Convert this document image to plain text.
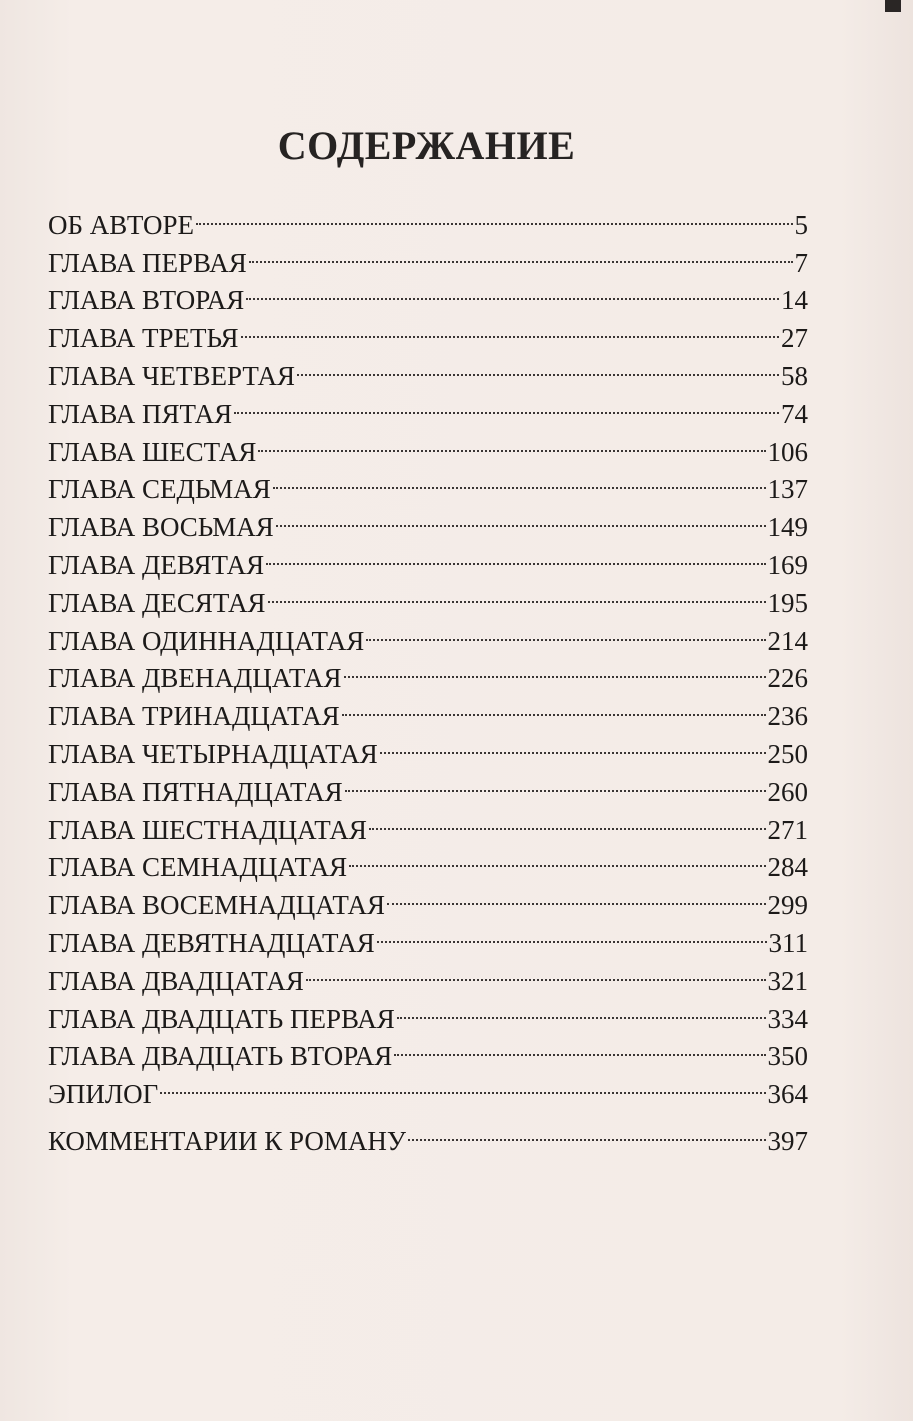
СОДЕРЖАНИЕ
ОБ АВТОРЕ	5
ГЛАВА ПЕРВАЯ	7
ГЛАВА ВТОРАЯ	14
ГЛАВА ТРЕТЬЯ	27
ГЛАВА ЧЕТВЕРТАЯ	58
ГЛАВА ПЯТАЯ	74
ГЛАВА ШЕСТАЯ	106
ГЛАВА СЕДЬМАЯ	137
ГЛАВА ВОСЬМАЯ	149
ГЛАВА ДЕВЯТАЯ	169
ГЛАВА ДЕСЯТАЯ	195
ГЛАВА ОДИННАДЦАТАЯ	214
ГЛАВА ДВЕНАДЦАТАЯ	226
ГЛАВА ТРИНАДЦАТАЯ	236
ГЛАВА ЧЕТЫРНАДЦАТАЯ	250
ГЛАВА ПЯТНАДЦАТАЯ	260
ГЛАВА ШЕСТНАДЦАТАЯ	271
ГЛАВА СЕМНАДЦАТАЯ	284
ГЛАВА ВОСЕМНАДЦАТАЯ	299
ГЛАВА ДЕВЯТНАДЦАТАЯ	311
ГЛАВА ДВАДЦАТАЯ	321
ГЛАВА ДВАДЦАТЬ ПЕРВАЯ	334
ГЛАВА ДВАДЦАТЬ ВТОРАЯ	350
ЭПИЛОГ	364
КОММЕНТАРИИ К РОМАНУ	397
